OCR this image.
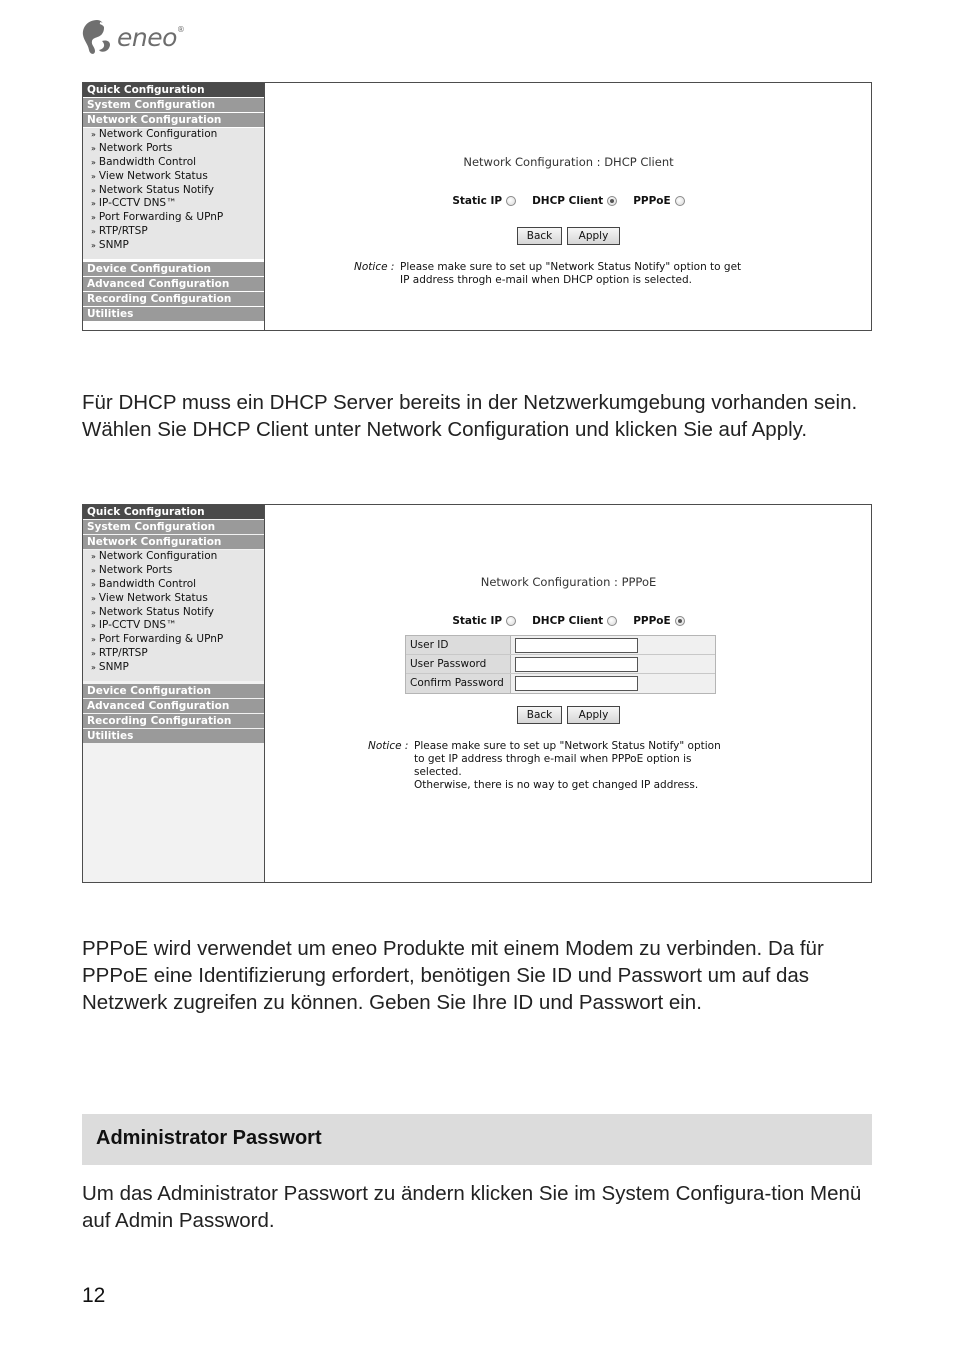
eneo®
Quick Configuration
System Configuration
Network Configuration
» Network Configuration
» Network Ports
» Bandwidth Control
» View Network Status
» Network Status Notify
» IP-CCTV DNS™
» Port Forwarding & UPnP
» RTP/RTSP
» SNMP
Device Configuration
Advanced Configuration
Recording Configuration
Utilities
Network Configuration : DHCP Client
Static IP	DHCP Client	PPPoE
Back	Apply
Notice : Please make sure to set up "Network Status Notify" option to get
IP address throgh e-mail when DHCP option is selected.
Für DHCP muss ein DHCP Server bereits in der Netzwerkumgebung vorhanden sein. Wählen Sie DHCP Client unter Network Configuration und klicken Sie auf Apply.
Quick Configuration
System Configuration
Network Configuration
» Network Configuration
» Network Ports
» Bandwidth Control
» View Network Status
» Network Status Notify
» IP-CCTV DNS™
» Port Forwarding & UPnP
» RTP/RTSP
» SNMP
Device Configuration
Advanced Configuration
Recording Configuration
Utilities
Network Configuration : PPPoE
Static IP	DHCP Client	PPPoE
User ID
User Password
Confirm Password
Back	Apply
Notice : Please make sure to set up "Network Status Notify" option
to get IP address throgh e-mail when PPPoE option is
selected.
Otherwise, there is no way to get changed IP address.
PPPoE wird verwendet um eneo Produkte mit einem Modem zu verbinden. Da für PPPoE eine Identifizierung erfordert, benötigen Sie ID und Passwort um auf das Netzwerk zugreifen zu können. Geben Sie Ihre ID und Passwort ein.
Administrator Passwort
Um das Administrator Passwort zu ändern klicken Sie im System Configura-tion Menü auf Admin Password.
12
